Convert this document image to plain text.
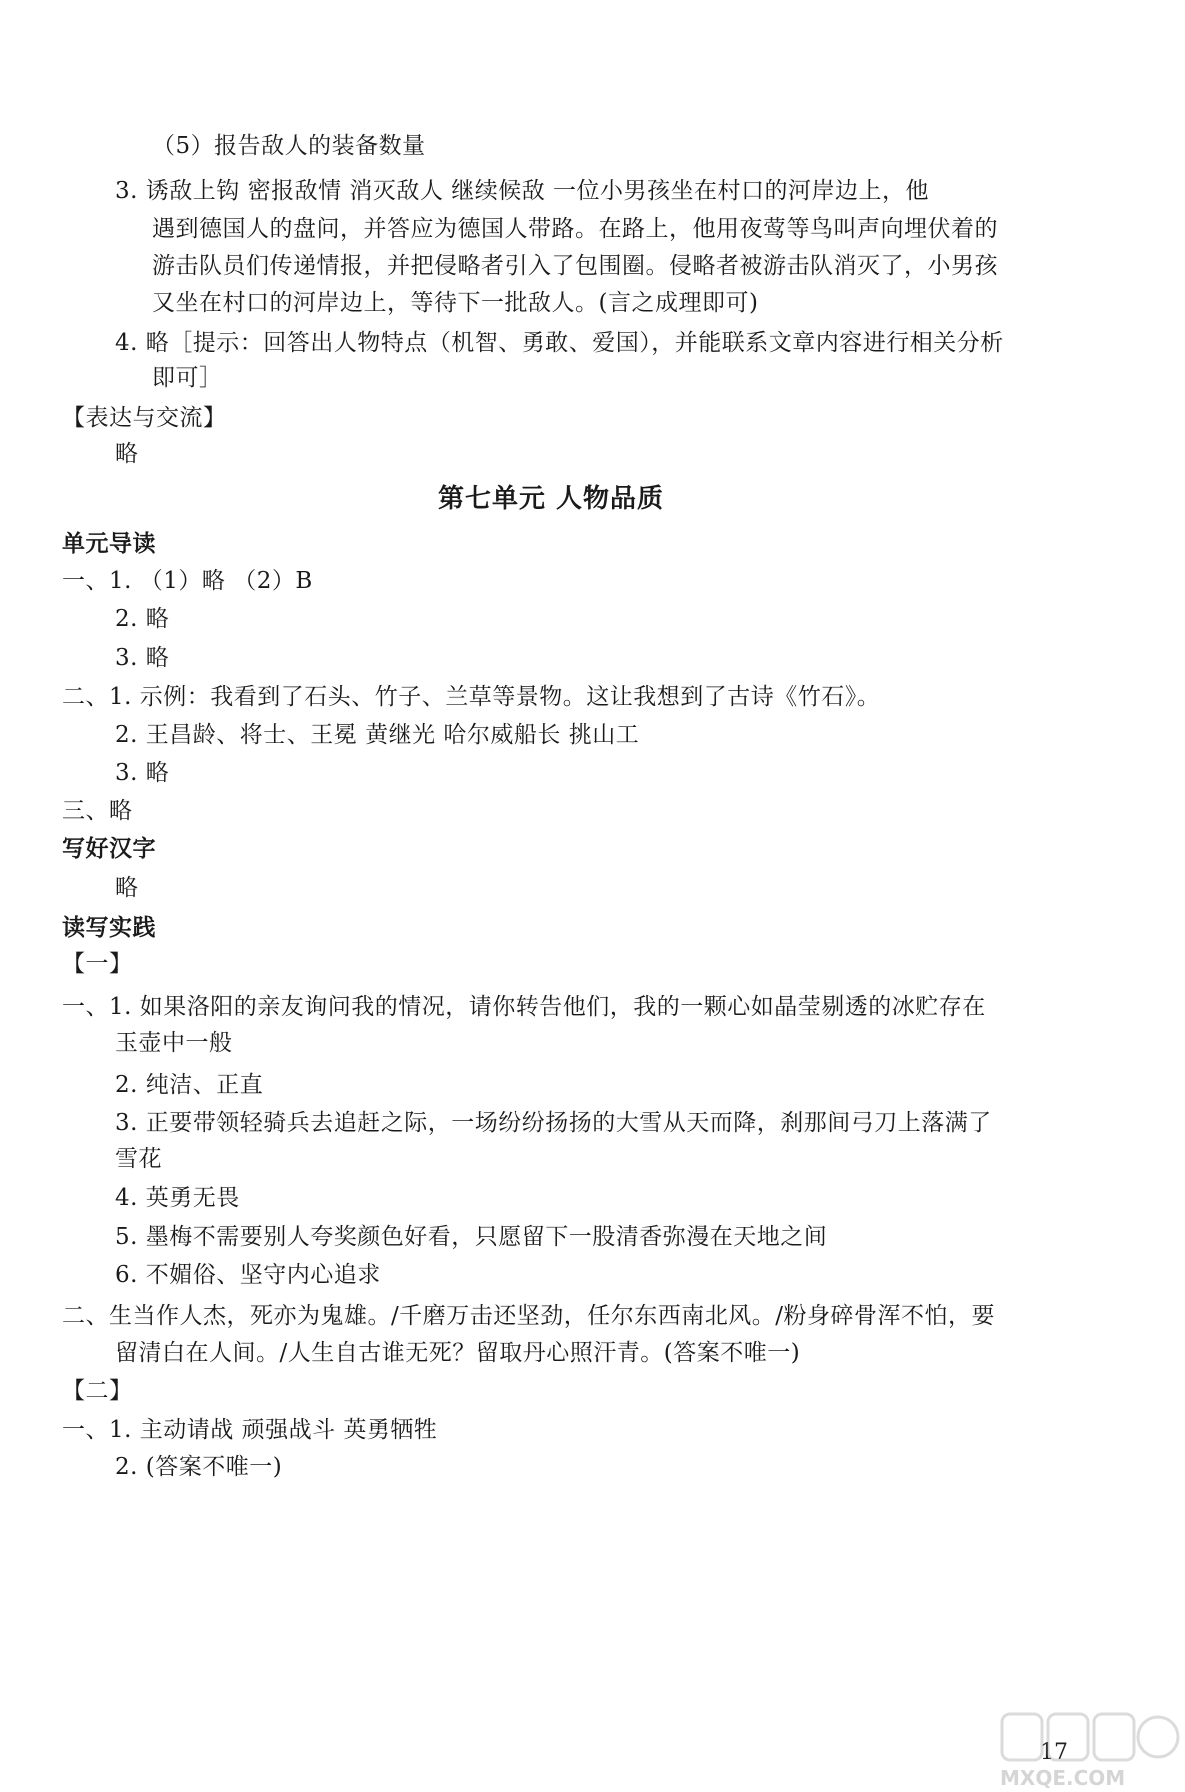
（5）报告敌人的装备数量
3. 诱敌上钩 密报敌情 消灭敌人 继续候敌 一位小男孩坐在村口的河岸边上，他
遇到德国人的盘问，并答应为德国人带路。在路上，他用夜莺等鸟叫声向埋伏着的
游击队员们传递情报，并把侵略者引入了包围圈。侵略者被游击队消灭了，小男孩
又坐在村口的河岸边上，等待下一批敌人。(言之成理即可)
4. 略［提示：回答出人物特点（机智、勇敢、爱国），并能联系文章内容进行相关分析
即可］
【表达与交流】
略
第七单元 人物品质
单元导读
一、1. （1）略 （2）B
2. 略
3. 略
二、1. 示例：我看到了石头、竹子、兰草等景物。这让我想到了古诗《竹石》。
2. 王昌龄、将士、王冕 黄继光 哈尔威船长 挑山工
3. 略
三、略
写好汉字
略
读写实践
【一】
一、1. 如果洛阳的亲友询问我的情况，请你转告他们，我的一颗心如晶莹剔透的冰贮存在
玉壶中一般
2. 纯洁、正直
3. 正要带领轻骑兵去追赶之际，一场纷纷扬扬的大雪从天而降，刹那间弓刀上落满了
雪花
4. 英勇无畏
5. 墨梅不需要别人夸奖颜色好看，只愿留下一股清香弥漫在天地之间
6. 不媚俗、坚守内心追求
二、生当作人杰，死亦为鬼雄。/千磨万击还坚劲，任尔东西南北风。/粉身碎骨浑不怕，要
留清白在人间。/人生自古谁无死？留取丹心照汗青。(答案不唯一)
【二】
一、1. 主动请战 顽强战斗 英勇牺牲
2. (答案不唯一)
17
MXQE.COM
